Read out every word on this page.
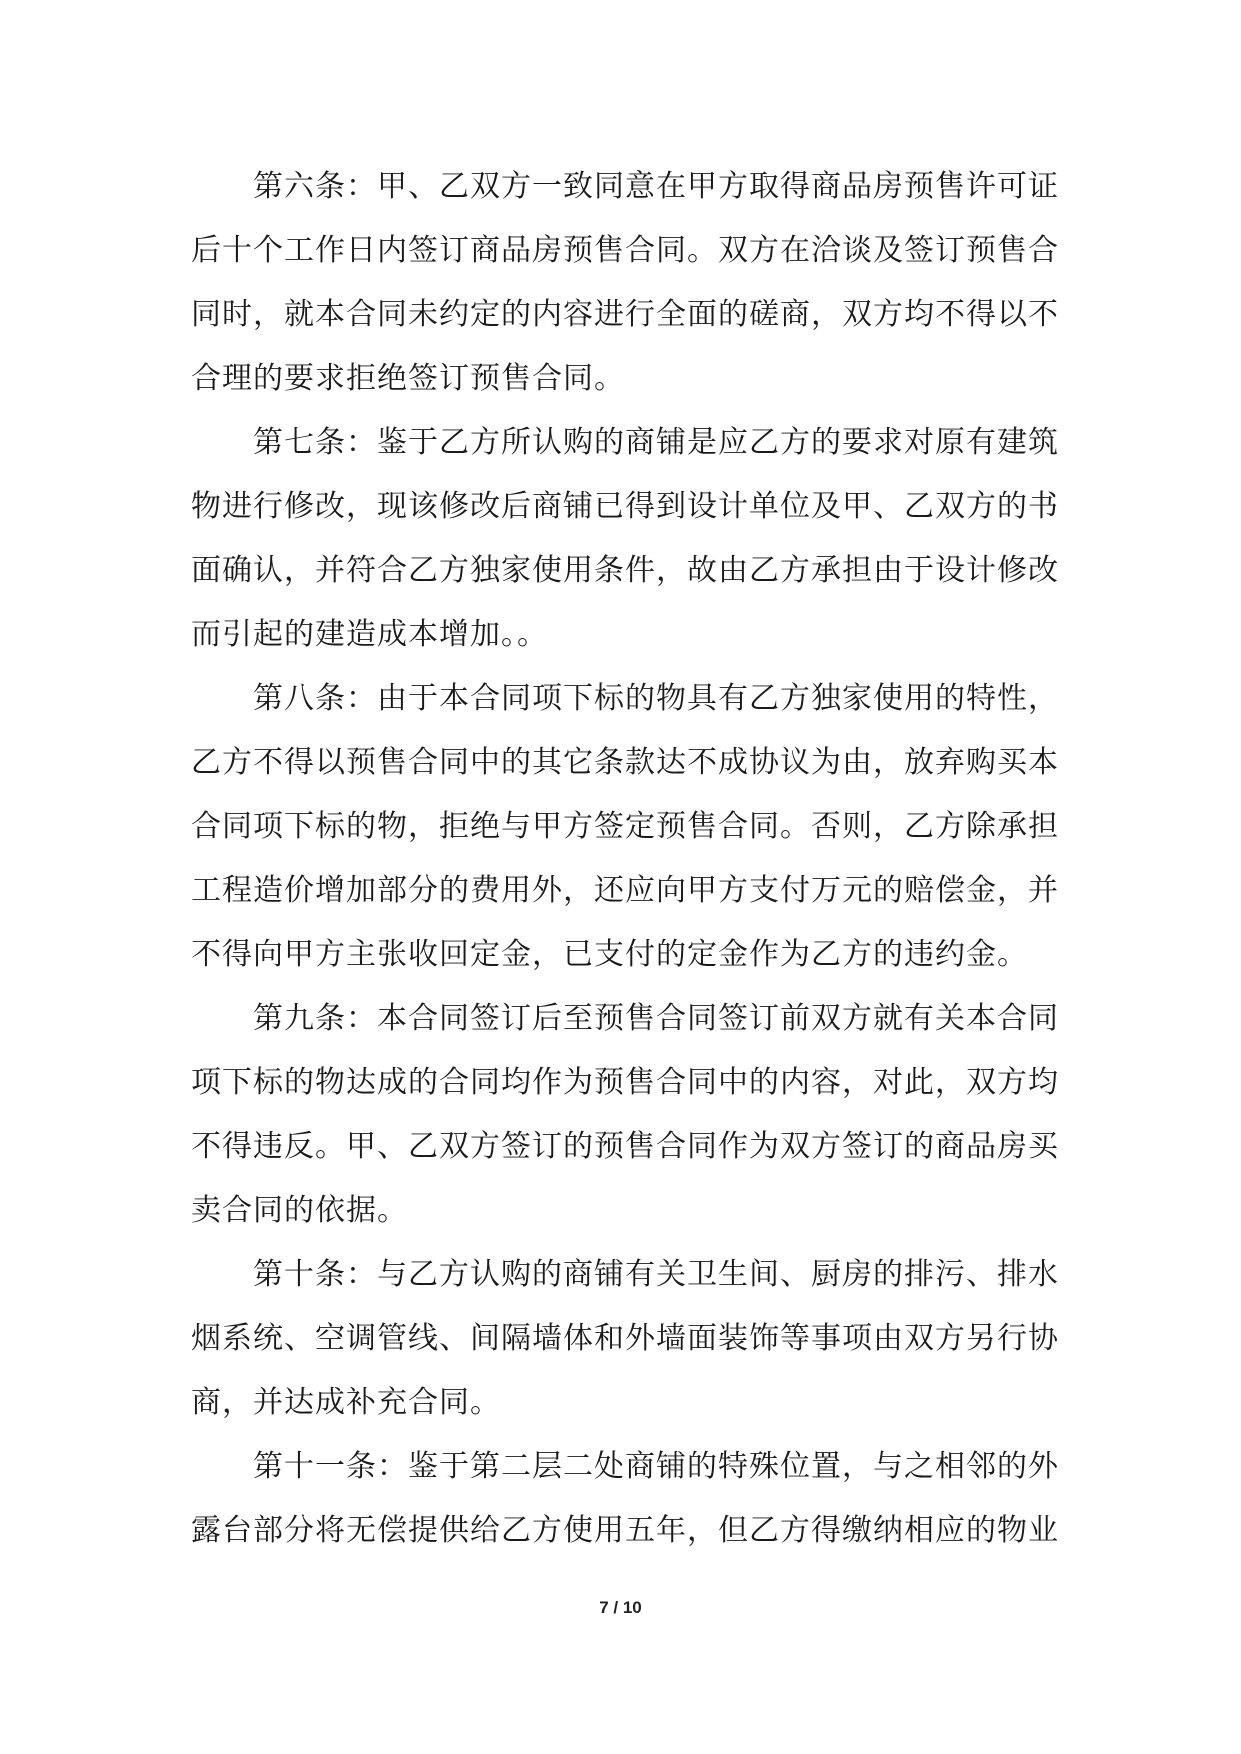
第六条：甲、乙双方一致同意在甲方取得商品房预售许可证
后十个工作日内签订商品房预售合同。双方在洽谈及签订预售合
同时，就本合同未约定的内容进行全面的磋商，双方均不得以不
合理的要求拒绝签订预售合同。
第七条：鉴于乙方所认购的商铺是应乙方的要求对原有建筑
物进行修改，现该修改后商铺已得到设计单位及甲、乙双方的书
面确认，并符合乙方独家使用条件，故由乙方承担由于设计修改
而引起的建造成本增加。。
第八条：由于本合同项下标的物具有乙方独家使用的特性，
乙方不得以预售合同中的其它条款达不成协议为由，放弃购买本
合同项下标的物，拒绝与甲方签定预售合同。否则，乙方除承担
工程造价增加部分的费用外，还应向甲方支付万元的赔偿金，并
不得向甲方主张收回定金，已支付的定金作为乙方的违约金。
第九条：本合同签订后至预售合同签订前双方就有关本合同
项下标的物达成的合同均作为预售合同中的内容，对此，双方均
不得违反。甲、乙双方签订的预售合同作为双方签订的商品房买
卖合同的依据。
第十条：与乙方认购的商铺有关卫生间、厨房的排污、排水
烟系统、空调管线、间隔墙体和外墙面装饰等事项由双方另行协
商，并达成补充合同。
第十一条：鉴于第二层二处商铺的特殊位置，与之相邻的外
露台部分将无偿提供给乙方使用五年，但乙方得缴纳相应的物业
7 / 10
